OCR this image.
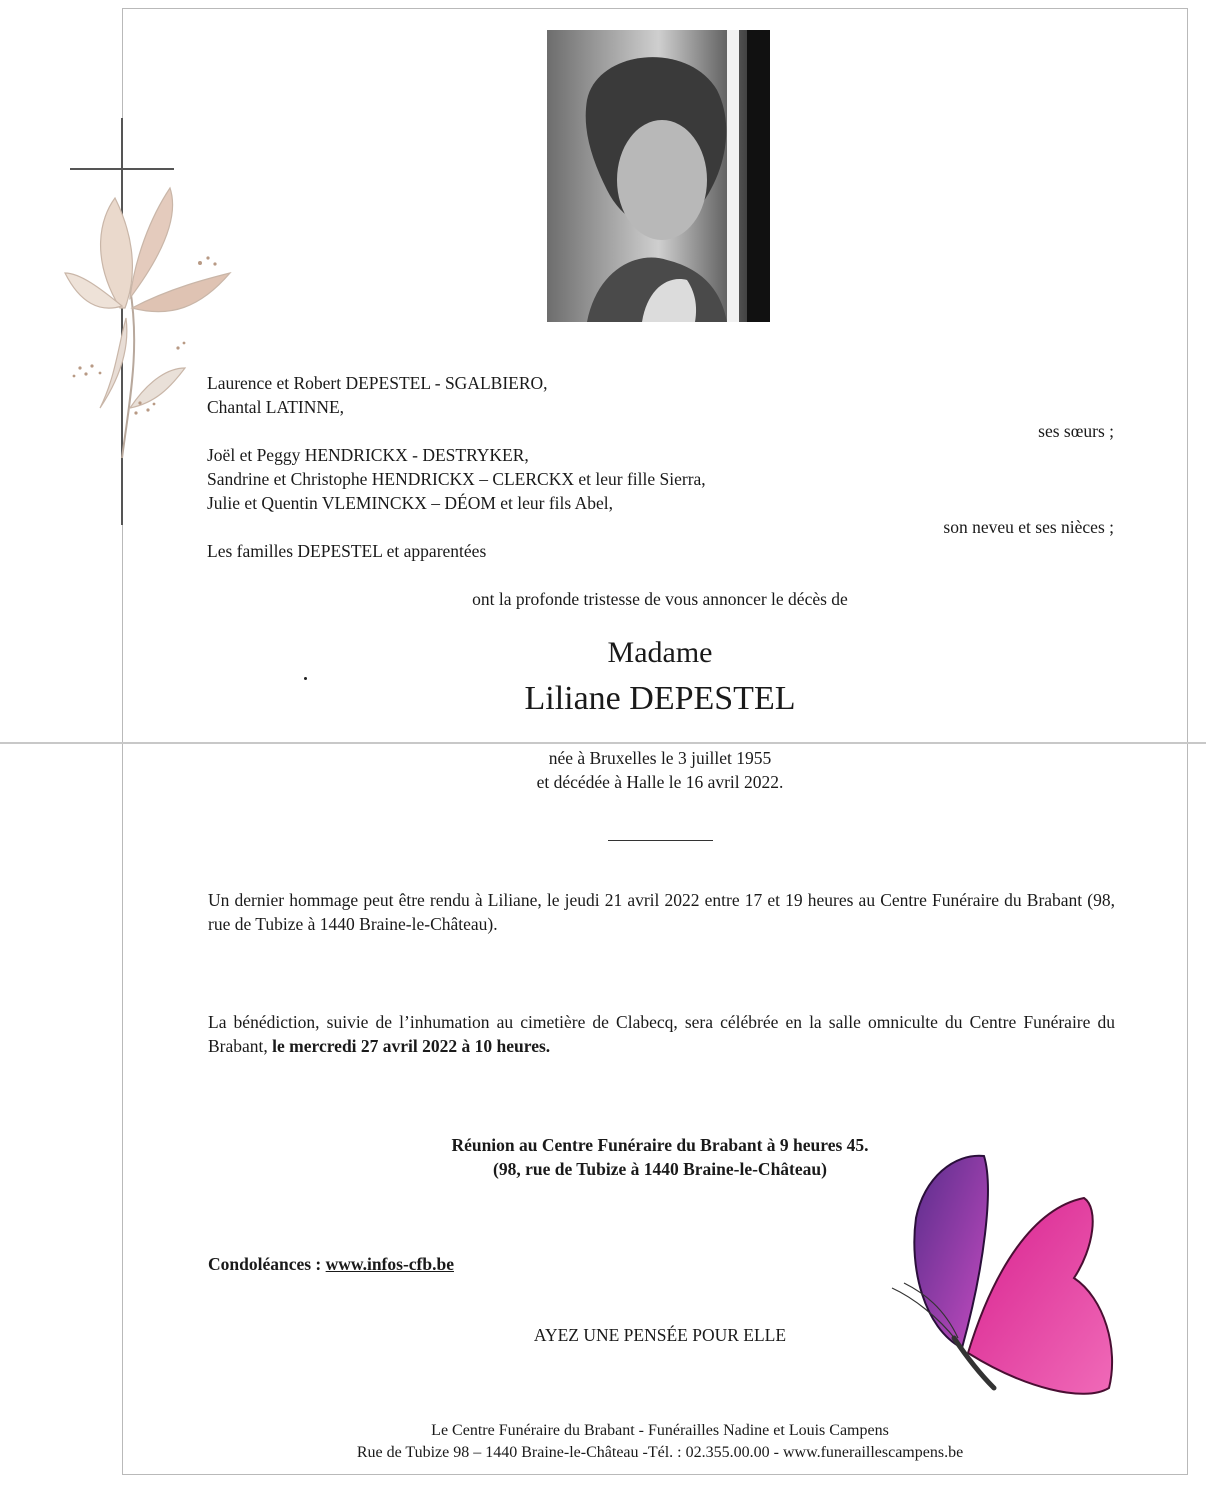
Laurence et Robert DEPESTEL - SGALBIERO,
Chantal LATINNE,
ses sœurs ;
Joël et Peggy HENDRICKX - DESTRYKER,
Sandrine et Christophe HENDRICKX – CLERCKX et leur fille Sierra,
Julie et Quentin VLEMINCKX – DÉOM et leur fils Abel,
son neveu et ses nièces ;
Les familles DEPESTEL et apparentées
ont la profonde tristesse de vous annoncer le décès de
Madame
Liliane DEPESTEL
née à Bruxelles le 3 juillet 1955
et décédée à Halle le 16 avril 2022.
Un dernier hommage peut être rendu à Liliane, le jeudi 21 avril 2022 entre 17 et 19 heures au Centre Funéraire du Brabant (98, rue de Tubize à 1440 Braine-le-Château).
La bénédiction, suivie de l’inhumation au cimetière de Clabecq, sera célébrée en la salle omniculte du Centre Funéraire du Brabant, le mercredi 27 avril 2022 à 10 heures.
Réunion au Centre Funéraire du Brabant à 9 heures 45.
(98, rue de Tubize à 1440 Braine-le-Château)
Condoléances : www.infos-cfb.be
AYEZ UNE PENSÉE POUR ELLE
Le Centre Funéraire du Brabant - Funérailles Nadine et Louis Campens
Rue de Tubize 98 – 1440 Braine-le-Château -Tél. : 02.355.00.00 - www.funeraillescampens.be
